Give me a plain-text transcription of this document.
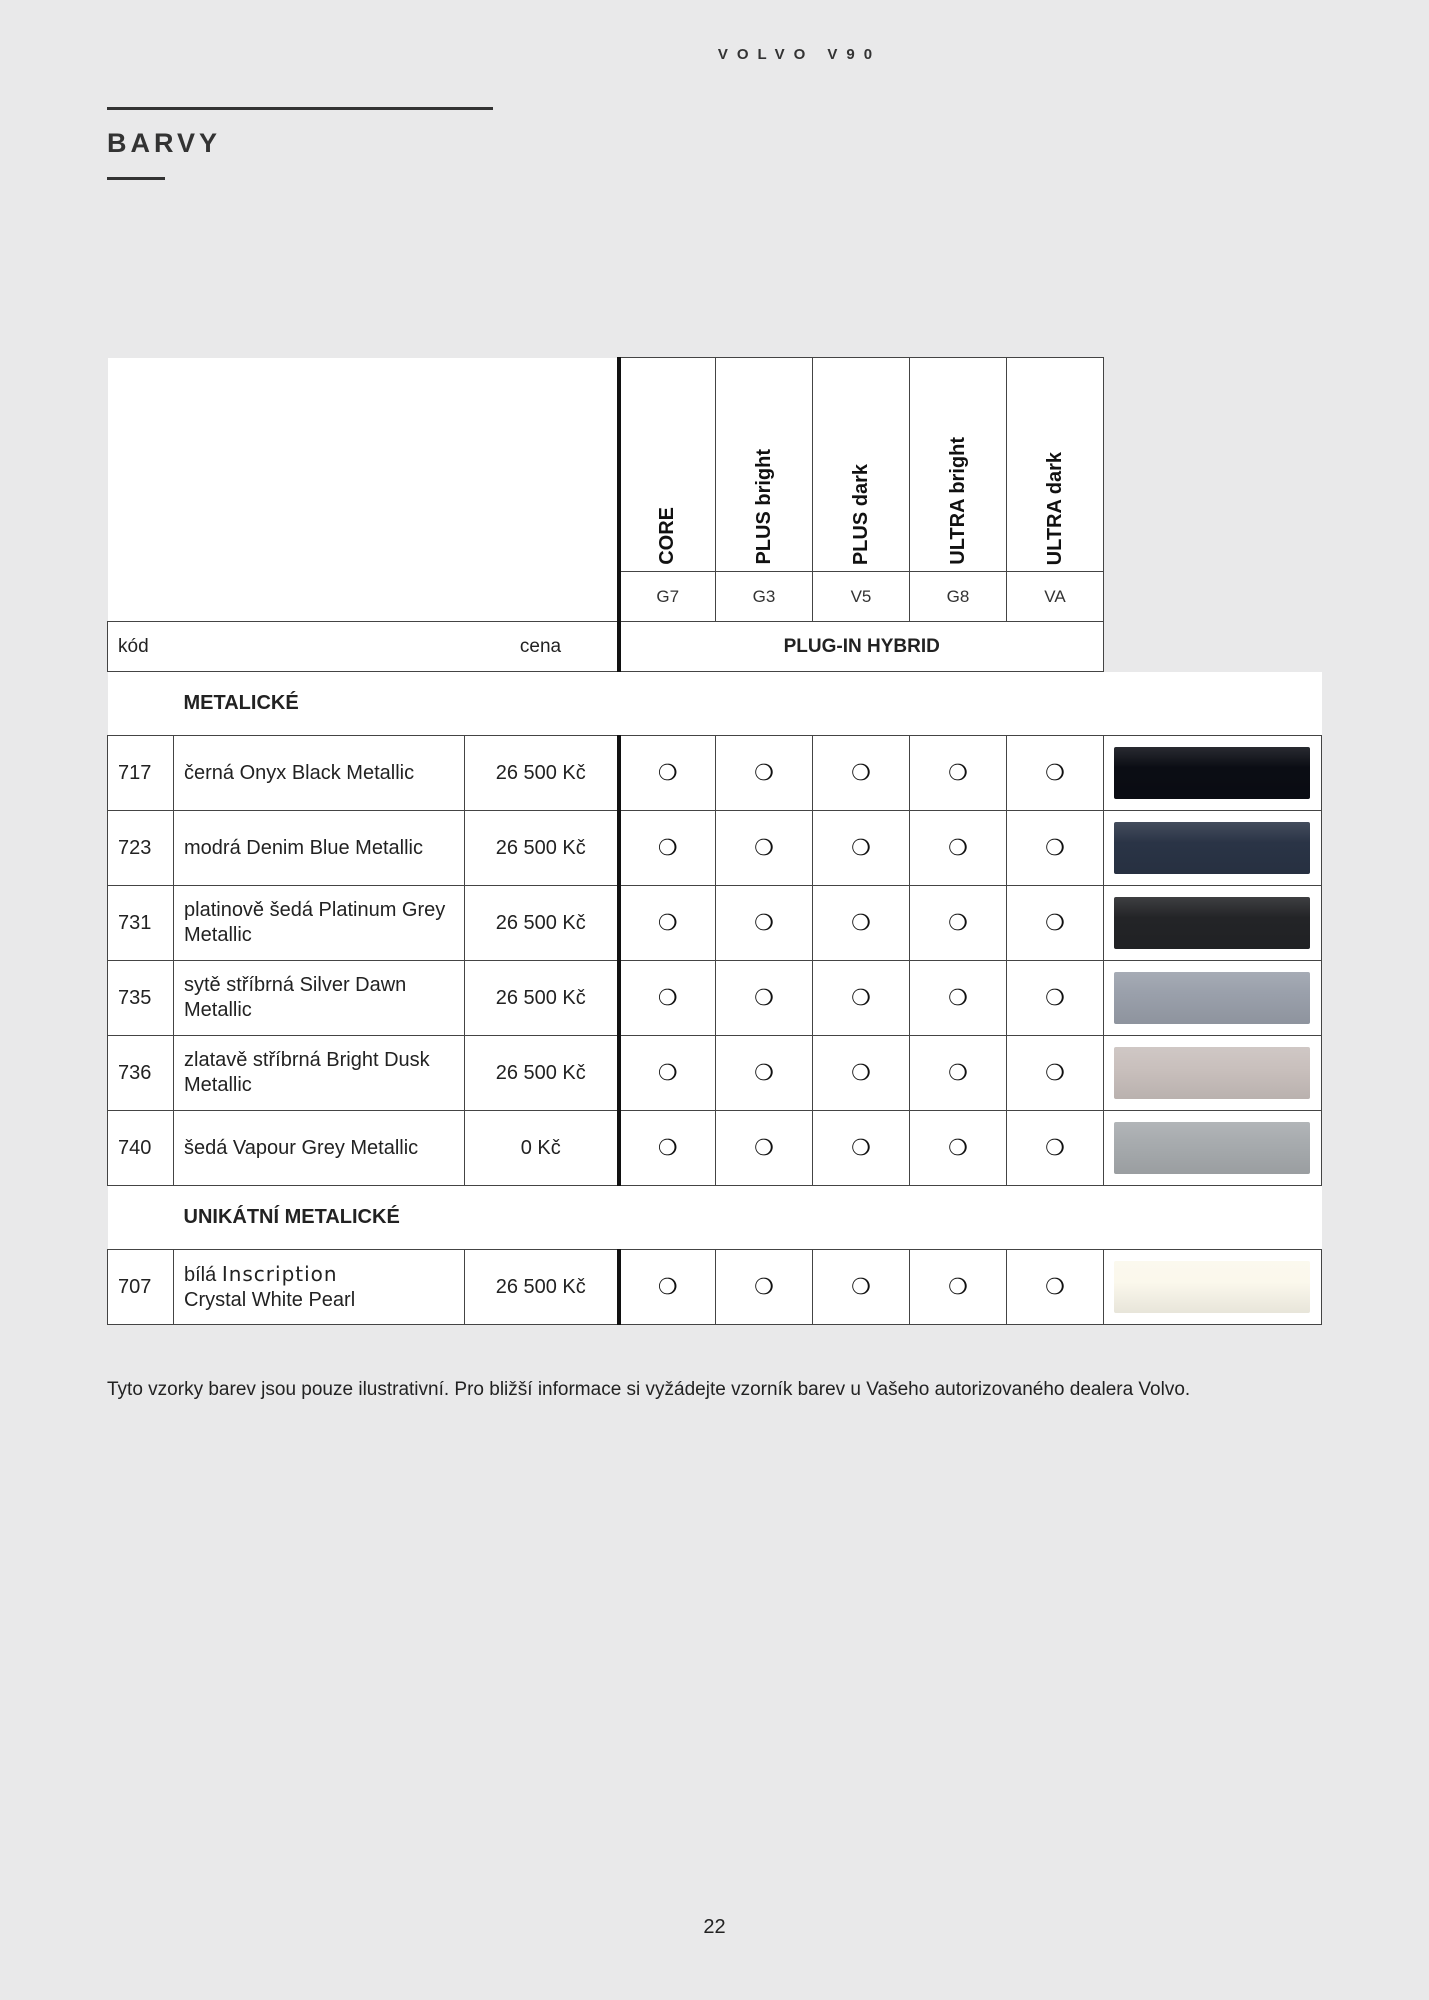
VOLVO V90
BARVY
			CORE	PLUS bright	PLUS dark	ULTRA bright	ULTRA dark	
			G7	G3	V5	G8	VA	
kód		cena	PLUG-IN HYBRID					
	METALICKÉ							
717	černá Onyx Black Metallic	26 500 Kč	❍	❍	❍	❍	❍	

723	modrá Denim Blue Metallic	26 500 Kč	❍	❍	❍	❍	❍	

731	platinově šedá Platinum Grey Metallic	26 500 Kč	❍	❍	❍	❍	❍	

735	sytě stříbrná Silver Dawn Metallic	26 500 Kč	❍	❍	❍	❍	❍	

736	zlatavě stříbrná Bright Dusk Metallic	26 500 Kč	❍	❍	❍	❍	❍	

740	šedá Vapour Grey Metallic	0 Kč	❍	❍	❍	❍	❍	

	UNIKÁTNÍ METALICKÉ							
707	bílá Inscription
Crystal White Pearl	26 500 Kč	❍	❍	❍	❍	❍	
Tyto vzorky barev jsou pouze ilustrativní. Pro bližší informace si vyžádejte vzorník barev u Vašeho autorizovaného dealera Volvo.
22
